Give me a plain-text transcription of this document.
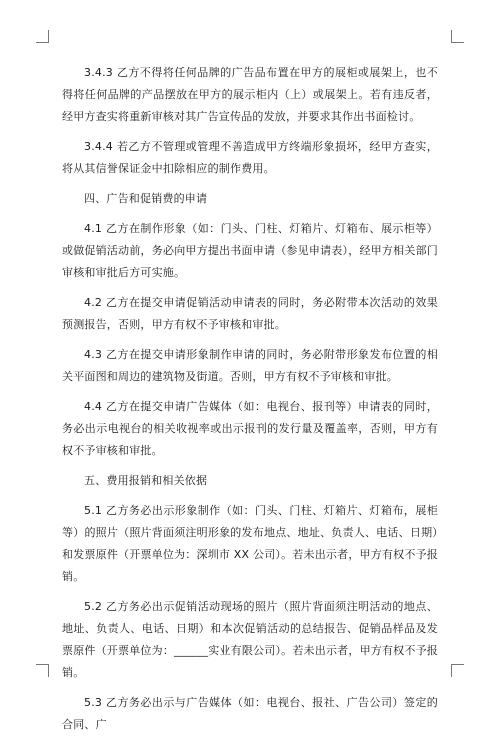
3.4.3 乙方不得将任何品牌的广告品布置在甲方的展柜或展架上，也不得将任何品牌的产品摆放在甲方的展示柜内（上）或展架上。若有违反者，经甲方查实将重新审核对其广告宣传品的发放，并要求其作出书面检讨。

3.4.4 若乙方不管理或管理不善造成甲方终端形象损坏，经甲方查实，将从其信誉保证金中扣除相应的制作费用。

四、广告和促销费的申请

4.1 乙方在制作形象（如：门头、门柱、灯箱片、灯箱布、展示柜等）或做促销活动前，务必向甲方提出书面申请（参见申请表），经甲方相关部门审核和审批后方可实施。

4.2 乙方在提交申请促销活动申请表的同时，务必附带本次活动的效果预测报告，否则，甲方有权不予审核和审批。

4.3 乙方在提交申请形象制作申请的同时，务必附带形象发布位置的相关平面图和周边的建筑物及街道。否则，甲方有权不予审核和审批。

4.4 乙方在提交申请广告媒体（如：电视台、报刊等）申请表的同时，务必出示电视台的相关收视率或出示报刊的发行量及覆盖率，否则，甲方有权不予审核和审批。

五、费用报销和相关依据

5.1 乙方务必出示形象制作（如：门头、门柱、灯箱片、灯箱布，展柜等）的照片（照片背面须注明形象的发布地点、地址、负责人、电话、日期）和发票原件（开票单位为：深圳市 XX 公司）。若未出示者，甲方有权不予报销。

5.2 乙方务必出示促销活动现场的照片（照片背面须注明活动的地点、地址、负责人、电话、日期）和本次促销活动的总结报告、促销品样品及发票原件（开票单位为：______实业有限公司）。若未出示者，甲方有权不予报销。

5.3 乙方务必出示与广告媒体（如：电视台、报社、广告公司）签定的合同、广
